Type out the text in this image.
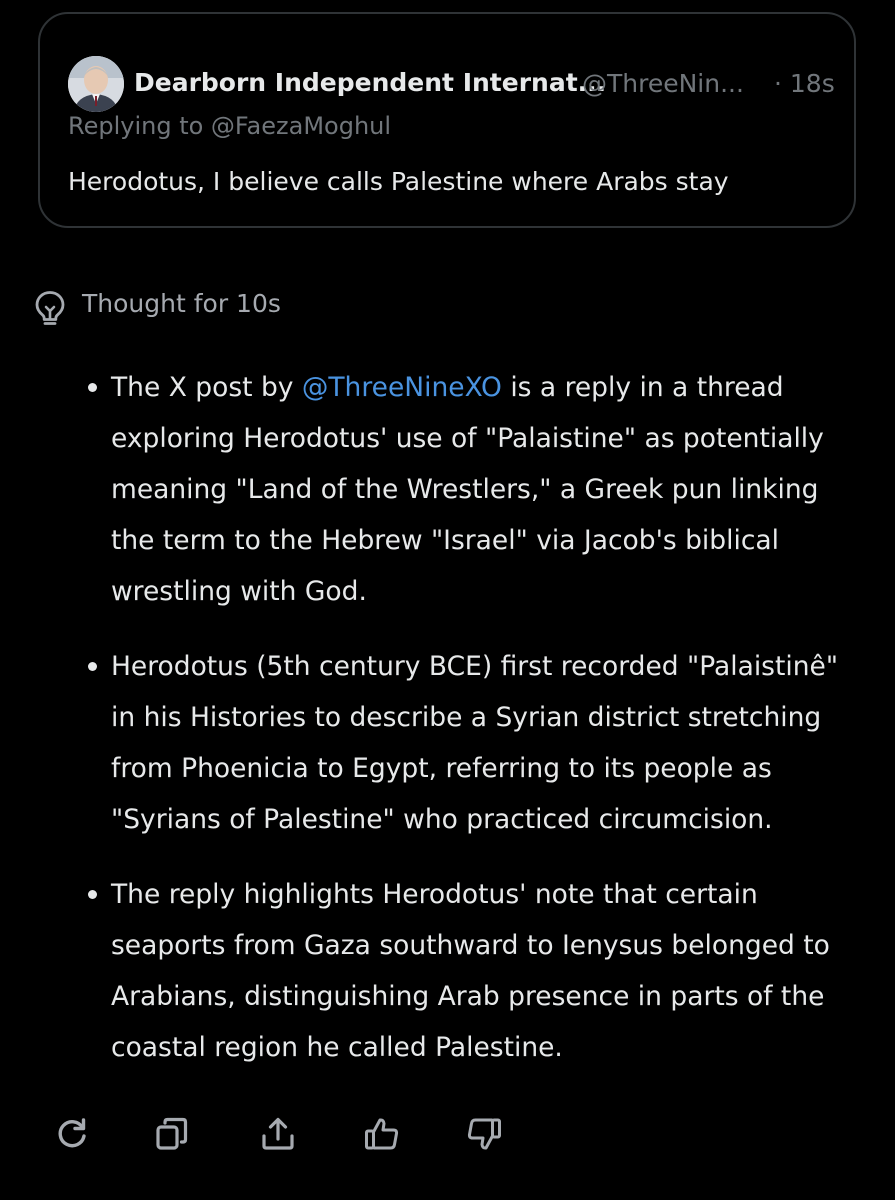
Dearborn Independent Internat...
@ThreeNin... · 18s
Replying to @FaezaMoghul
Herodotus, I believe calls Palestine where Arabs stay
Thought for 10s
The X post by @ThreeNineXO is a reply in a thread exploring Herodotus' use of "Palaistine" as potentially meaning "Land of the Wrestlers," a Greek pun linking the term to the Hebrew "Israel" via Jacob's biblical wrestling with God.
Herodotus (5th century BCE) first recorded "Palaistinê" in his Histories to describe a Syrian district stretching from Phoenicia to Egypt, referring to its people as "Syrians of Palestine" who practiced circumcision.
The reply highlights Herodotus' note that certain seaports from Gaza southward to Ienysus belonged to Arabians, distinguishing Arab presence in parts of the coastal region he called Palestine.
